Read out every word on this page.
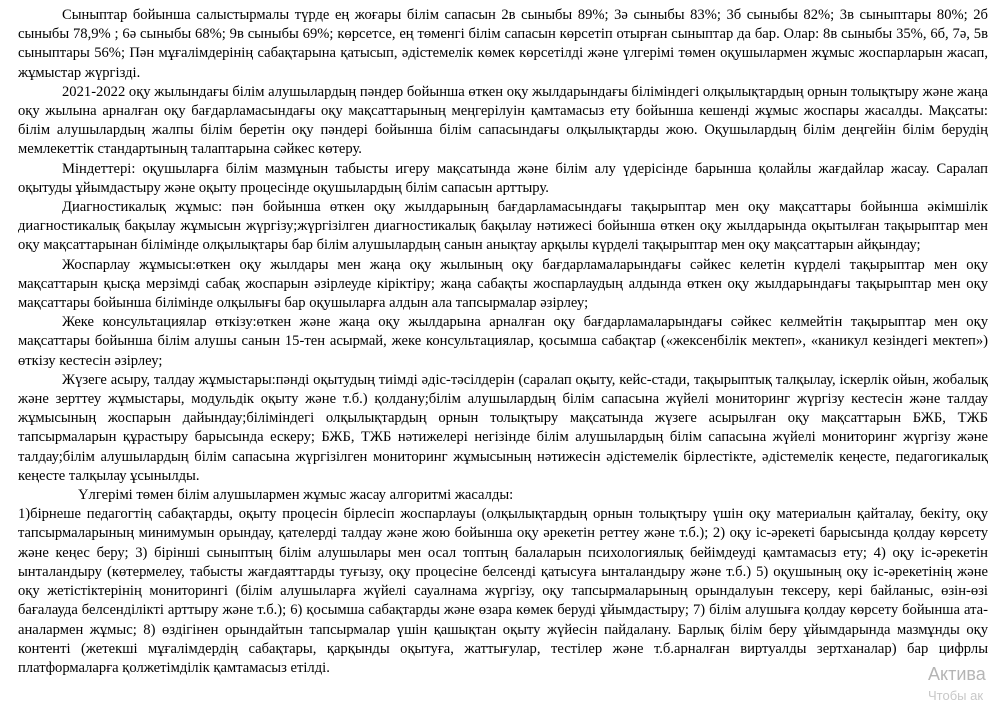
Сыныптар бойынша салыстырмалы түрде ең жоғары білім сапасын 2в сыныбы 89%; 3ә сыныбы 83%; 3б сыныбы 82%; 3в сыныптары 80%; 2б сыныбы 78,9% ; 6ә сыныбы 68%; 9в сыныбы 69%; көрсетсе, ең төменгі білім сапасын көрсетіп отырған сыныптар да бар. Олар: 8в сыныбы 35%, 6б, 7ә, 5в сыныптары 56%; Пән мұғалімдерінің сабақтарына қатысып, әдістемелік көмек көрсетілді және үлгерімі төмен оқушылармен жұмыс жоспарларын жасап, жұмыстар жүргізді.

2021-2022 оқу жылындағы білім алушылардың пәндер бойынша өткен оқу жылдарындағы біліміндегі олқылықтардың орнын толықтыру және жаңа оқу жылына арналған оқу бағдарламасындағы оқу мақсаттарының меңгерілуін қамтамасыз ету бойынша кешенді жұмыс жоспары жасалды. Мақсаты: білім алушылардың жалпы білім беретін оқу пәндері бойынша білім сапасындағы олқылықтарды жою. Оқушылардың білім деңгейін білім берудің мемлекеттік стандартының талаптарына сәйкес көтеру.

Міндеттері: оқушыларға білім мазмұнын табысты игеру мақсатында және білім алу үдерісінде барынша қолайлы жағдайлар жасау. Саралап оқытуды ұйымдастыру және оқыту процесінде оқушылардың білім сапасын арттыру.

Диагностикалық жұмыс: пән бойынша өткен оқу жылдарының бағдарламасындағы тақырыптар мен оқу мақсаттары бойынша әкімшілік диагностикалық бақылау жұмысын жүргізу;жүргізілген диагностикалық бақылау нәтижесі бойынша өткен оқу жылдарында оқытылған тақырыптар мен оқу мақсаттарынан білімінде олқылықтары бар білім алушылардың санын анықтау арқылы күрделі тақырыптар мен оқу мақсаттарын айқындау;

Жоспарлау жұмысы:өткен оқу жылдары мен жаңа оқу жылының оқу бағдарламаларындағы сәйкес келетін күрделі тақырыптар мен оқу мақсаттарын қысқа мерзімді сабақ жоспарын әзірлеуде кіріктіру; жаңа сабақты жоспарлаудың алдында өткен оқу жылдарындағы тақырыптар мен оқу мақсаттары бойынша білімінде олқылығы бар оқушыларға алдын ала тапсырмалар әзірлеу;

Жеке консультациялар өткізу:өткен және жаңа оқу жылдарына арналған оқу бағдарламаларындағы сәйкес келмейтін тақырыптар мен оқу мақсаттары бойынша білім алушы санын 15-тен асырмай, жеке консультациялар, қосымша сабақтар («жексенбілік мектеп», «каникул кезіндегі мектеп») өткізу кестесін әзірлеу;

Жүзеге асыру, талдау жұмыстары:пәнді оқытудың тиімді әдіс-тәсілдерін (саралап оқыту, кейс-стади, тақырыптық талқылау, іскерлік ойын, жобалық және зерттеу жұмыстары, модульдік оқыту және т.б.) қолдану;білім алушылардың білім сапасына жүйелі мониторинг жүргізу кестесін және талдау жұмысының жоспарын дайындау;біліміндегі олқылықтардың орнын толықтыру мақсатында жүзеге асырылған оқу мақсаттарын БЖБ, ТЖБ тапсырмаларын құрастыру барысында ескеру; БЖБ, ТЖБ нәтижелері негізінде білім алушылардың білім сапасына жүйелі мониторинг жүргізу және талдау;білім алушылардың білім сапасына жүргізілген мониторинг жұмысының нәтижесін әдістемелік бірлестікте, әдістемелік кеңесте, педагогикалық кеңесте талқылау ұсынылды.

Үлгерімі төмен білім алушылармен жұмыс жасау алгоритмі жасалды:

1)бірнеше педагогтің сабақтарды, оқыту процесін бірлесіп жоспарлауы (олқылықтардың орнын толықтыру үшін оқу материалын қайталау, бекіту, оқу тапсырмаларының минимумын орындау, қателерді талдау және жою бойынша оқу әрекетін реттеу және т.б.); 2) оқу іс-әрекеті барысында қолдау көрсету және кеңес беру; 3) бірінші сыныптың білім алушылары мен осал топтың балаларын психологиялық бейімдеуді қамтамасыз ету; 4) оқу іс-әрекетін ынталандыру (көтермелеу, табысты жағдаяттарды туғызу, оқу процесіне белсенді қатысуға ынталандыру және т.б.) 5) оқушының оқу іс-әрекетінің және оқу жетістіктерінің мониторингі (білім алушыларға жүйелі сауалнама жүргізу, оқу тапсырмаларының орындалуын тексеру, кері байланыс, өзін-өзі бағалауда белсенділікті арттыру және т.б.); 6) қосымша сабақтарды және өзара көмек беруді ұйымдастыру; 7) білім алушыға қолдау көрсету бойынша ата-аналармен жұмыс; 8) өздігінен орындайтын тапсырмалар үшін қашықтан оқыту жүйесін пайдалану. Барлық білім беру ұйымдарында мазмұнды оқу контенті (жетекші мұғалімдердің сабақтары, қарқынды оқытуға, жаттығулар, тестілер және т.б.арналған виртуалды зертханалар) бар цифрлы платформаларға қолжетімділік қамтамасыз етілді.	Актива
Чтобы ак
